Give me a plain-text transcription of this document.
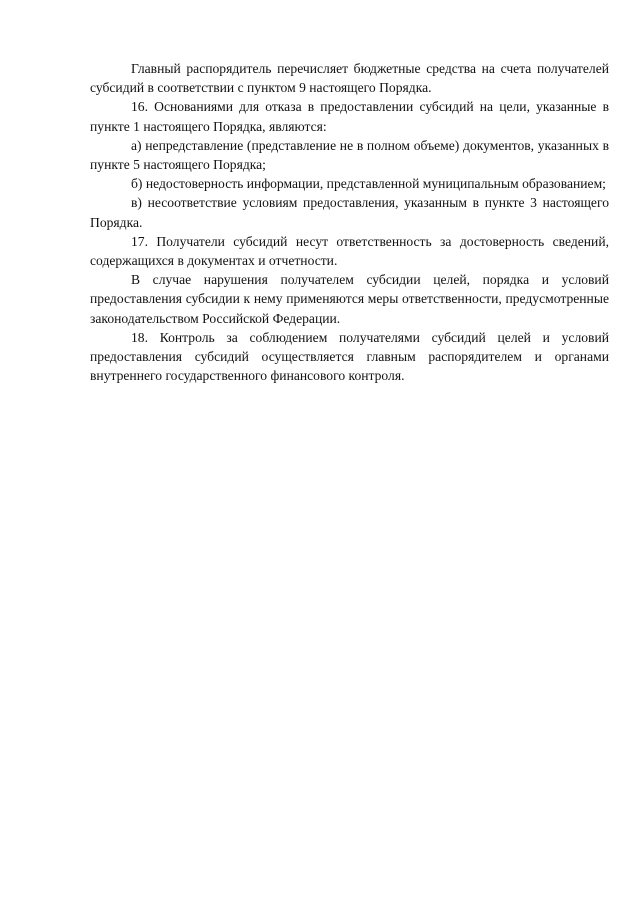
Главный распорядитель перечисляет бюджетные средства на счета получателей субсидий в соответствии с пунктом 9 настоящего Порядка.

16. Основаниями для отказа в предоставлении субсидий на цели, указанные в пункте 1 настоящего Порядка, являются:

а) непредставление (представление не в полном объеме) документов, указанных в пункте 5 настоящего Порядка;

б) недостоверность информации, представленной муниципальным образованием;

в) несоответствие условиям предоставления, указанным в пункте 3 настоящего Порядка.

17. Получатели субсидий несут ответственность за достоверность сведений, содержащихся в документах и отчетности.

В случае нарушения получателем субсидии целей, порядка и условий предоставления субсидии к нему применяются меры ответственности, предусмотренные законодательством Российской Федерации.

18. Контроль за соблюдением получателями субсидий целей и условий предоставления субсидий осуществляется главным распорядителем и органами внутреннего государственного финансового контроля.
